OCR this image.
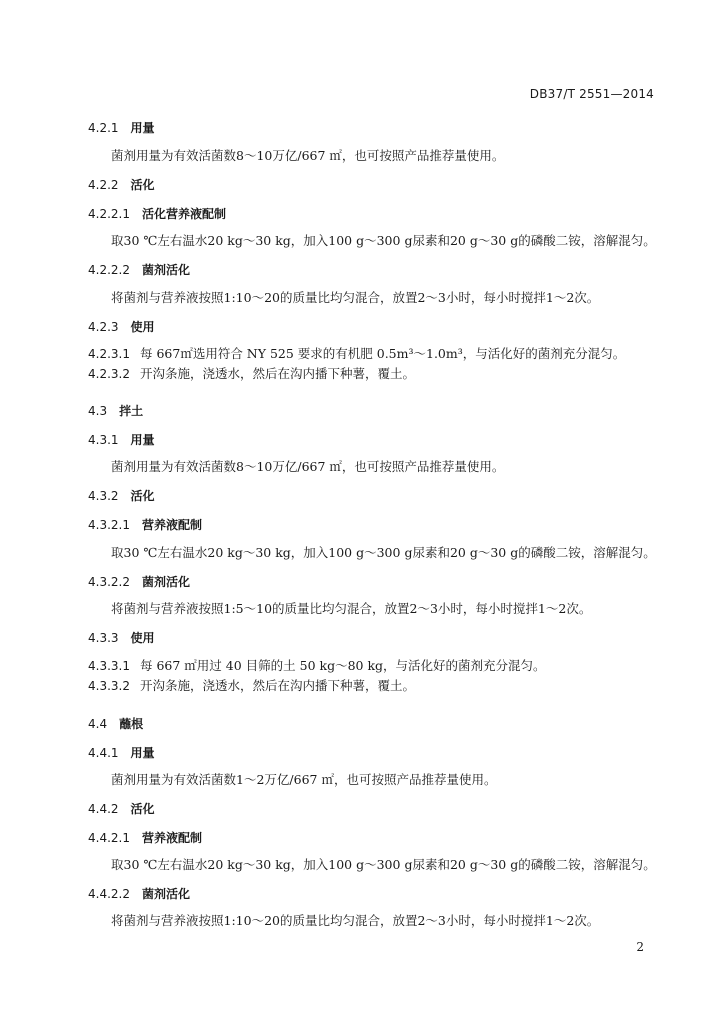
DB37/T 2551—2014
4.2.1 用量
菌剂用量为有效活菌数8～10万亿/667 ㎡，也可按照产品推荐量使用。
4.2.2 活化
4.2.2.1 活化营养液配制
取30 ℃左右温水20 kg～30 kg，加入100 g～300 g尿素和20 g～30 g的磷酸二铵，溶解混匀。
4.2.2.2 菌剂活化
将菌剂与营养液按照1:10～20的质量比均匀混合，放置2～3小时，每小时搅拌1～2次。
4.2.3 使用
4.2.3.1 每 667㎡选用符合 NY 525 要求的有机肥 0.5m³～1.0m³，与活化好的菌剂充分混匀。
4.2.3.2 开沟条施，浇透水，然后在沟内播下种薯，覆土。
4.3 拌土
4.3.1 用量
菌剂用量为有效活菌数8～10万亿/667 ㎡，也可按照产品推荐量使用。
4.3.2 活化
4.3.2.1 营养液配制
取30 ℃左右温水20 kg～30 kg，加入100 g～300 g尿素和20 g～30 g的磷酸二铵，溶解混匀。
4.3.2.2 菌剂活化
将菌剂与营养液按照1:5～10的质量比均匀混合，放置2～3小时，每小时搅拌1～2次。
4.3.3 使用
4.3.3.1 每 667 ㎡用过 40 目筛的土 50 kg～80 kg，与活化好的菌剂充分混匀。
4.3.3.2 开沟条施，浇透水，然后在沟内播下种薯，覆土。
4.4 蘸根
4.4.1 用量
菌剂用量为有效活菌数1～2万亿/667 ㎡，也可按照产品推荐量使用。
4.4.2 活化
4.4.2.1 营养液配制
取30 ℃左右温水20 kg～30 kg，加入100 g～300 g尿素和20 g～30 g的磷酸二铵，溶解混匀。
4.4.2.2 菌剂活化
将菌剂与营养液按照1:10～20的质量比均匀混合，放置2～3小时，每小时搅拌1～2次。
2
